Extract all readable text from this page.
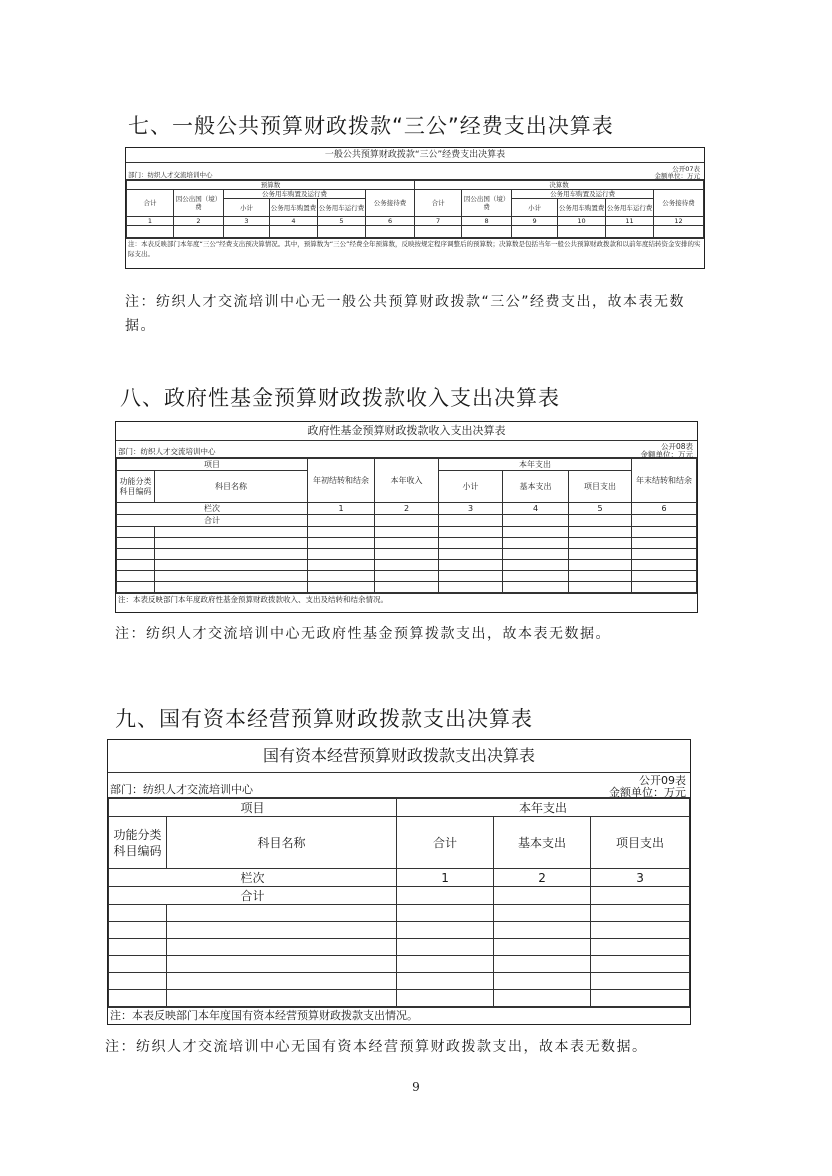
七、一般公共预算财政拨款“三公”经费支出决算表
一般公共预算财政拨款“三公”经费支出决算表
部门：纺织人才交流培训中心
公开07表
金额单位：万元
预算数						决算数					
合计	因公出国（境）费	公务用车购置及运行费			公务接待费	合计	因公出国（境）费	公务用车购置及运行费			公务接待费
		小计	公务用车购置费	公务用车运行费				小计	公务用车购置费	公务用车运行费	
1	2	3	4	5	6	7	8	9	10	11	12

注：本表反映部门本年度“三公”经费支出预决算情况。其中，预算数为“三公”经费全年预算数，反映按规定程序调整后的预算数；决算数是包括当年一般公共预算财政拨款和以前年度结转资金安排的实际支出。
注：纺织人才交流培训中心无一般公共预算财政拨款“三公”经费支出，故本表无数据。
八、政府性基金预算财政拨款收入支出决算表
政府性基金预算财政拨款收入支出决算表
部门：纺织人才交流培训中心
公开08表
金额单位：万元
项目		年初结转和结余	本年收入	本年支出			年末结转和结余
功能分类科目编码	科目名称			小计	基本支出	项目支出	

栏次		1	2	3	4	5	6
合计							

注：本表反映部门本年度政府性基金预算财政拨款收入、支出及结转和结余情况。
注：纺织人才交流培训中心无政府性基金预算拨款支出，故本表无数据。
九、国有资本经营预算财政拨款支出决算表
国有资本经营预算财政拨款支出决算表
部门：纺织人才交流培训中心
公开09表
金额单位：万元
项目		本年支出		
功能分类科目编码	科目名称	合计	基本支出	项目支出
栏次		1	2	3
合计				

注：本表反映部门本年度国有资本经营预算财政拨款支出情况。
注：纺织人才交流培训中心无国有资本经营预算财政拨款支出，故本表无数据。
9
